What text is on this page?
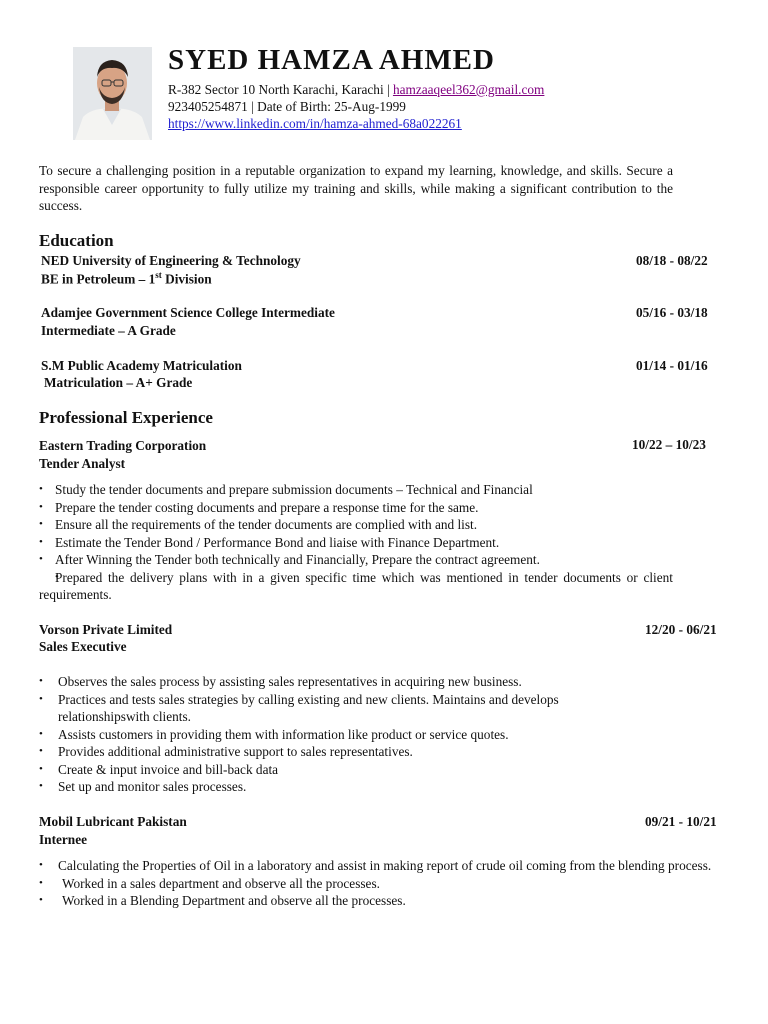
SYED HAMZA AHMED
R-382 Sector 10 North Karachi, Karachi | hamzaaqeel362@gmail.com
923405254871 | Date of Birth: 25-Aug-1999
https://www.linkedin.com/in/hamza-ahmed-68a022261
To secure a challenging position in a reputable organization to expand my learning, knowledge, and skills. Secure a responsible career opportunity to fully utilize my training and skills, while making a significant contribution to the success.
Education
NED University of Engineering & Technology
BE in Petroleum – 1st Division
08/18 - 08/22
Adamjee Government Science College Intermediate
Intermediate – A Grade
05/16 - 03/18
S.M Public Academy Matriculation
Matriculation – A+ Grade
01/14 - 01/16
Professional Experience
Eastern Trading Corporation
Tender Analyst
10/22 – 10/23
• Study the tender documents and prepare submission documents – Technical and Financial
• Prepare the tender costing documents and prepare a response time for the same.
• Ensure all the requirements of the tender documents are complied with and list.
• Estimate the Tender Bond / Performance Bond and liaise with Finance Department.
• After Winning the Tender both technically and Financially, Prepare the contract agreement.
• Prepared the delivery plans with in a given specific time which was mentioned in tender documents or client requirements.
Vorson Private Limited
Sales Executive
12/20 - 06/21
• Observes the sales process by assisting sales representatives in acquiring new business.
• Practices and tests sales strategies by calling existing and new clients. Maintains and develops relationshipswith clients.
• Assists customers in providing them with information like product or service quotes.
• Provides additional administrative support to sales representatives.
• Create & input invoice and bill-back data
• Set up and monitor sales processes.
Mobil Lubricant Pakistan
Internee
09/21 - 10/21
• Calculating the Properties of Oil in a laboratory and assist in making report of crude oil coming from the blending process.
• Worked in a sales department and observe all the processes.
• Worked in a Blending Department and observe all the processes.
